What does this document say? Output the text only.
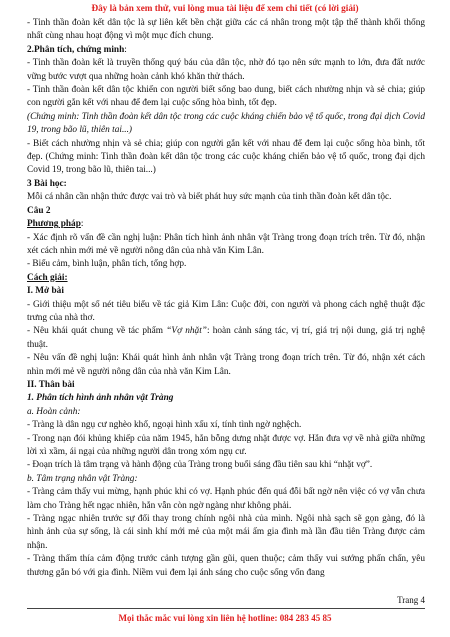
Đây là bản xem thử, vui lòng mua tài liệu để xem chi tiết (có lời giải)

- Tinh thần đoàn kết dân tộc là sự liên kết bền chặt giữa các cá nhân trong một tập thể thành khối thống nhất cùng nhau hoạt động vì một mục đích chung.

2.Phân tích, chứng minh:

- Tinh thần đoàn kết là truyền thống quý báu của dân tộc, nhờ đó tạo nên sức mạnh to lớn, đưa đất nước vững bước vượt qua những hoàn cảnh khó khăn thử thách.

- Tinh thần đoàn kết dân tộc khiến con người biết sống bao dung, biết cách nhường nhịn và sẻ chia; giúp con người gắn kết với nhau để đem lại cuộc sống hòa bình, tốt đẹp.

(Chứng minh: Tinh thần đoàn kết dân tộc trong các cuộc kháng chiến bảo vệ tổ quốc, trong đại dịch Covid 19, trong bão lũ, thiên tai...)

- Biết cách nhường nhịn và sẻ chia; giúp con người gắn kết với nhau để đem lại cuộc sống hòa bình, tốt đẹp. (Chứng minh: Tinh thần đoàn kết dân tộc trong các cuộc kháng chiến bảo vệ tổ quốc, trong đại dịch Covid 19, trong bão lũ, thiên tai...)

3 Bài học:

Mỗi cá nhân cần nhận thức được vai trò và biết phát huy sức mạnh của tinh thần đoàn kết dân tộc.

Câu 2

Phương pháp:

- Xác định rõ vấn đề cần nghị luận: Phân tích hình ảnh nhân vật Tràng trong đoạn trích trên. Từ đó, nhận xét cách nhìn mới mẻ về người nông dân của nhà văn Kim Lân.

- Biểu cảm, bình luận, phân tích, tổng hợp.

Cách giải:

I. Mở bài

- Giới thiệu một số nét tiêu biểu về tác giả Kim Lân: Cuộc đời, con người và phong cách nghệ thuật đặc trưng của nhà thơ.

- Nêu khái quát chung về tác phẩm “Vợ nhặt”: hoàn cảnh sáng tác, vị trí, giá trị nội dung, giá trị nghệ thuật.

- Nêu vấn đề nghị luận: Khái quát hình ảnh nhân vật Tràng trong đoạn trích trên. Từ đó, nhận xét cách nhìn mới mẻ về người nông dân của nhà văn Kim Lân.

II. Thân bài

1. Phân tích hình ảnh nhân vật Tràng

a. Hoàn cảnh:

- Tràng là dân ngụ cư nghèo khổ, ngoại hình xấu xí, tính tình ngờ nghệch.

- Trong nạn đói khủng khiếp của năm 1945, hắn bỗng dưng nhặt được vợ. Hắn đưa vợ về nhà giữa những lời xì xầm, ái ngại của những người dân trong xóm ngụ cư.

- Đoạn trích là tâm trạng và hành động của Tràng trong buổi sáng đầu tiên sau khi “nhặt vợ”.

b. Tâm trạng nhân vật Tràng:

- Tràng cảm thấy vui mừng, hạnh phúc khi có vợ. Hạnh phúc đến quá đỗi bất ngờ nên việc có vợ vẫn chưa làm cho Tràng hết ngạc nhiên, hắn vẫn còn ngờ ngàng như không phải.

- Tràng ngạc nhiên trước sự đổi thay trong chính ngôi nhà của mình. Ngôi nhà sạch sẽ gọn gàng, đó là hình ảnh của sự sống, là cái sinh khí mới mẻ của một mái ấm gia đình mà lần đầu tiên Tràng được cảm nhận.

- Tràng thấm thía cảm động trước cảnh tượng gần gũi, quen thuộc; cảm thấy vui sướng phấn chấn, yêu thương gắn bó với gia đình. Niềm vui đem lại ánh sáng cho cuộc sống vốn đang

Trang 4
Mọi thắc mắc vui lòng xin liên hệ hotline: 084 283 45 85
